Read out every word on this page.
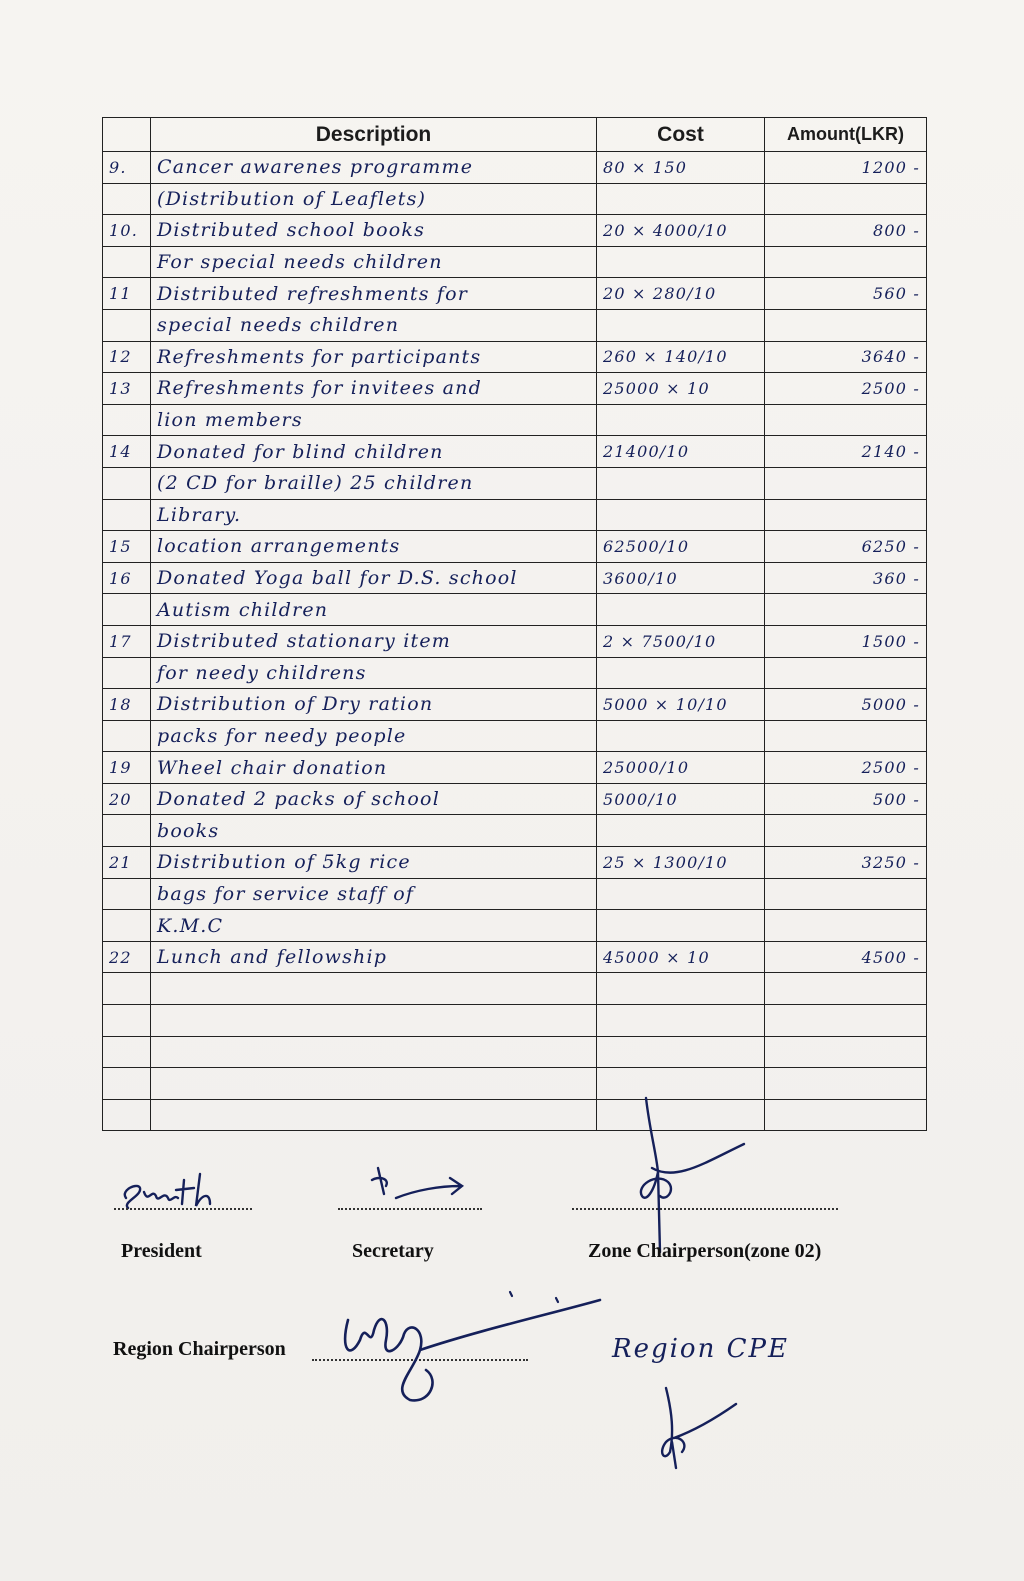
	Description	Cost	Amount(LKR)
9.	Cancer awarenes programme	80 × 150	1200 -
	(Distribution of Leaflets)		
10.	Distributed school books	20 × 4000/10	800 -
	For special needs children		
11	Distributed refreshments for	20 × 280/10	560 -
	special needs children		
12	Refreshments for participants	260 × 140/10	3640 -
13	Refreshments for invitees and	25000 × 10	2500 -
	lion members		
14	Donated for blind children	21400/10	2140 -
	(2 CD for braille) 25 children		
	Library.		
15	location arrangements	62500/10	6250 -
16	Donated Yoga ball for D.S. school	3600/10	360 -
	Autism children		
17	Distributed stationary item	2 × 7500/10	1500 -
	for needy childrens		
18	Distribution of Dry ration	5000 × 10/10	5000 -
	packs for needy people		
19	Wheel chair donation	25000/10	2500 -
20	Donated 2 packs of school	5000/10	500 -
	books		
21	Distribution of 5kg rice	25 × 1300/10	3250 -
	bags for service staff of		
	K.M.C		
22	Lunch and fellowship	45000 × 10	4500 -

President	Secretary	Zone Chairperson(zone 02)
Region Chairperson	Region CPE
